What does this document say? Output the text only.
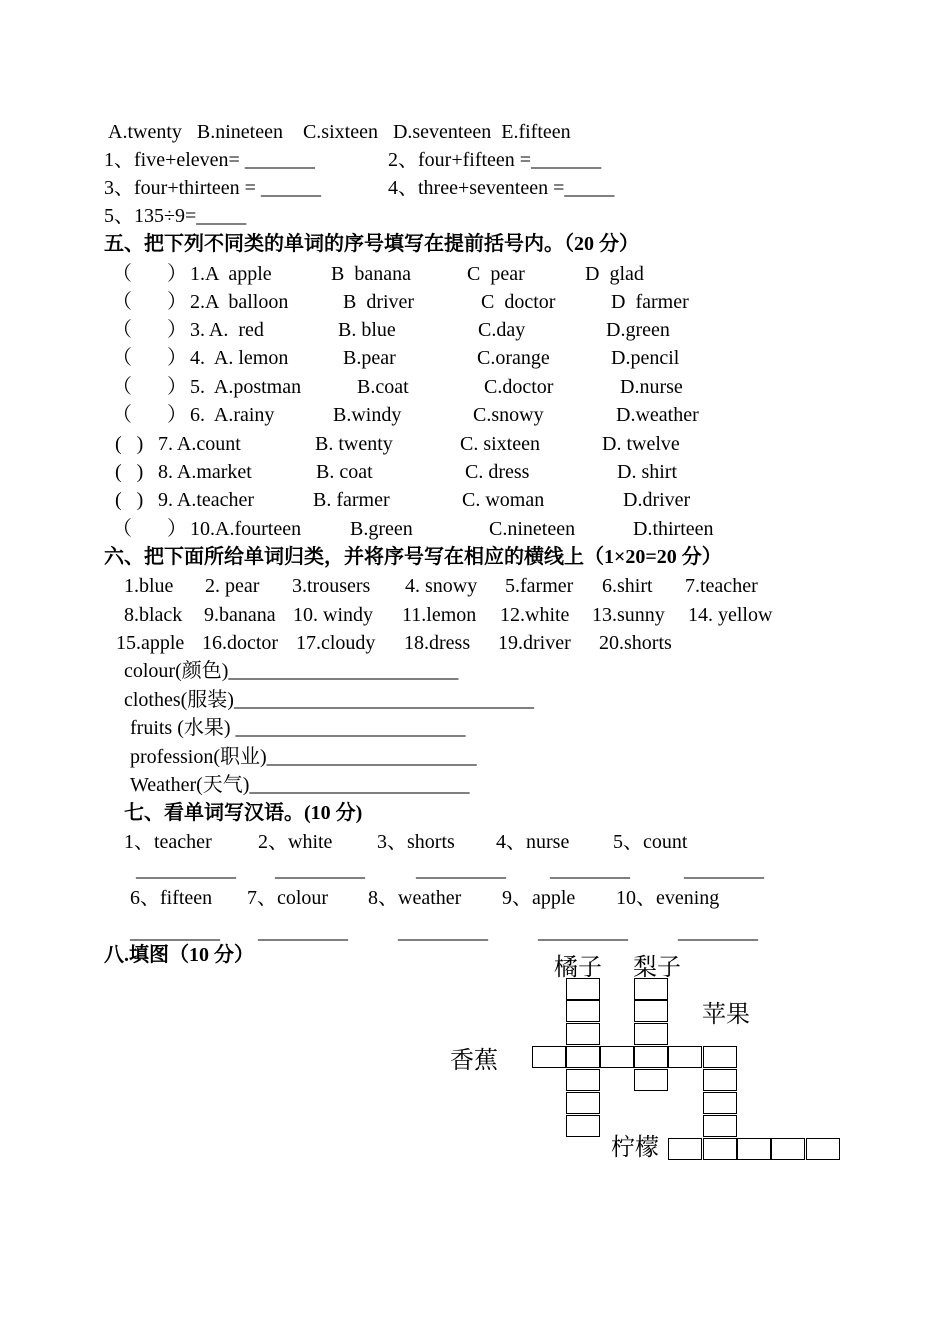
A.twenty   B.nineteen    C.sixteen   D.seventeen  E.fifteen
1、five+eleven= _______	2、four+fifteen =_______
3、four+thirteen = ______	4、three+seventeen =_____
5、135÷9=_____
五、把下列不同类的单词的序号填写在提前括号内。（20 分）
（       ） 1.A  apple	B  banana	C  pear	D  glad
（       ） 2.A  balloon	B  driver	C  doctor	D  farmer
（       ） 3. A.  red	B. blue	C.day	D.green
（       ） 4.  A. lemon	B.pear	C.orange	D.pencil
（       ） 5.  A.postman	B.coat	C.doctor	D.nurse
（       ） 6.  A.rainy	B.windy	C.snowy	D.weather
(   ) 7. A.count	B. twenty	C. sixteen	D. twelve
(   ) 8. A.market	B. coat	C. dress	D. shirt
(   ) 9. A.teacher	B. farmer	C. woman	D.driver
（       ） 10.A.fourteen B.green	C.nineteen	D.thirteen
六、把下面所给单词归类，并将序号写在相应的横线上（1×20=20 分）
1.blue 2. pear 3.trousers 4. snowy 5.farmer 6.shirt 7.teacher
8.black 9.banana 10. windy 11.lemon 12.white 13.sunny 14. yellow
15.apple 16.doctor 17.cloudy 18.dress 19.driver 20.shorts
colour(颜色)_______________________
clothes(服装)______________________________
fruits (水果) _______________________
profession(职业)_____________________
Weather(天气)______________________
七、看单词写汉语。(10 分)
1、teacher 2、white 3、shorts 4、nurse 5、count
__________ _________	_________ ________	________
6、fifteen 7、colour 8、weather 9、apple 10、evening
_________ _________	_________	_________	________
八.填图（10 分）	橘子 梨子
苹果
香蕉
柠檬
